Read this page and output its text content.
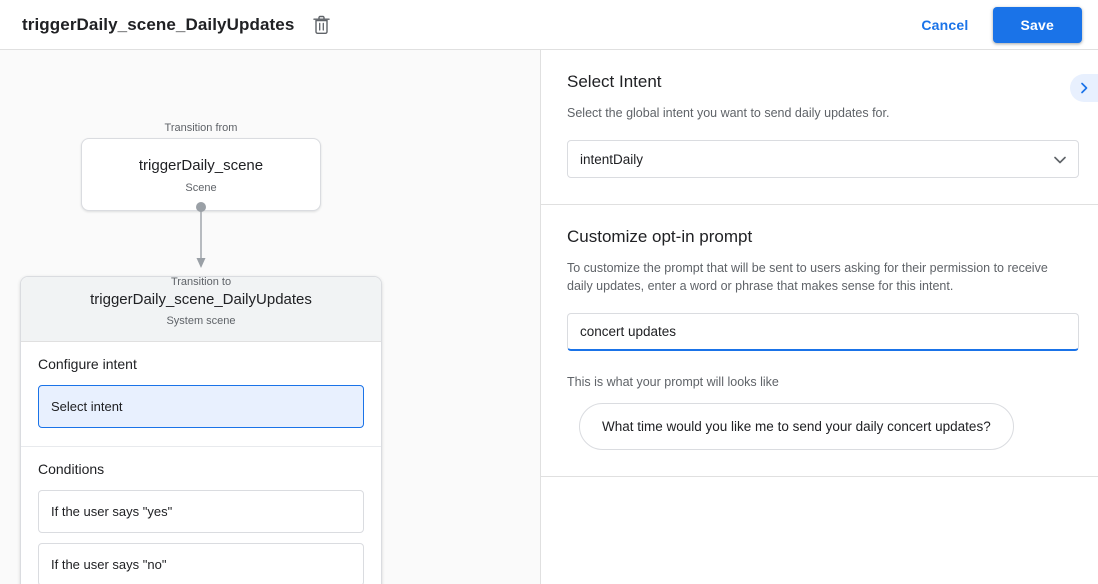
triggerDaily_scene_DailyUpdates	Cancel	Save
Transition from
triggerDaily_scene
Scene
triggerDaily_scene_DailyUpdates
System scene
Configure intent
Select intent
Conditions
If the user says "yes"
If the user says "no"
Transition to
Select Intent
Select the global intent you want to send daily updates for.
intentDaily
Customize opt-in prompt
To customize the prompt that will be sent to users asking for their permission to receive daily updates, enter a word or phrase that makes sense for this intent.
concert updates
This is what your prompt will looks like
What time would you like me to send your daily concert updates?
